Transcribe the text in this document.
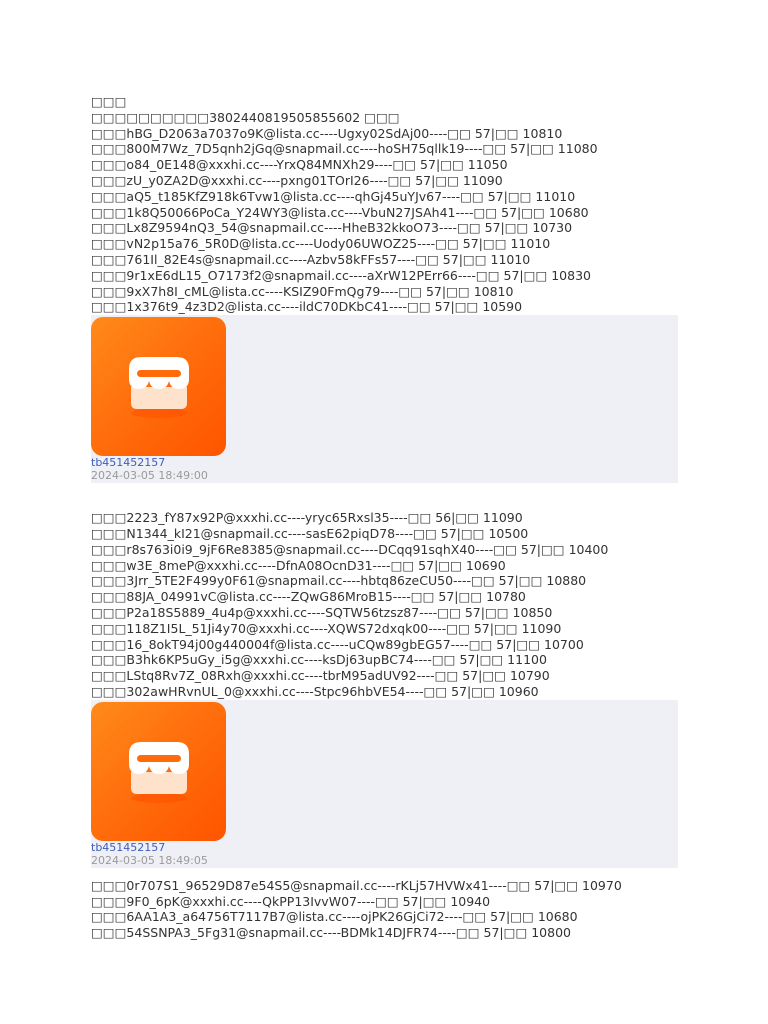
□□□
□□□□□□□□□□3802440819505855602 □□□
□□□hBG_D2063a7037o9K@lista.cc----Ugxy02SdAj00----□□ 57|□□ 10810
□□□800M7Wz_7D5qnh2jGq@snapmail.cc----hoSH75qllk19----□□ 57|□□ 11080
□□□o84_0E148@xxxhi.cc----YrxQ84MNXh29----□□ 57|□□ 11050
□□□zU_y0ZA2D@xxxhi.cc----pxng01TOrI26----□□ 57|□□ 11090
□□□aQ5_t185KfZ918k6Tvw1@lista.cc----qhGj45uYJv67----□□ 57|□□ 11010
□□□1k8Q50066PoCa_Y24WY3@lista.cc----VbuN27JSAh41----□□ 57|□□ 10680
□□□Lx8Z9594nQ3_54@snapmail.cc----HheB32kkoO73----□□ 57|□□ 10730
□□□vN2p15a76_5R0D@lista.cc----Uody06UWOZ25----□□ 57|□□ 11010
□□□761Il_82E4s@snapmail.cc----Azbv58kFFs57----□□ 57|□□ 11010
□□□9r1xE6dL15_O7173f2@snapmail.cc----aXrW12PErr66----□□ 57|□□ 10830
□□□9xX7h8I_cML@lista.cc----KSIZ90FmQg79----□□ 57|□□ 10810
□□□1x376t9_4z3D2@lista.cc----ildC70DKbC41----□□ 57|□□ 10590
tb451452157
2024-03-05 18:49:00
□□□2223_fY87x92P@xxxhi.cc----yryc65Rxsl35----□□ 56|□□ 11090
□□□N1344_kI21@snapmail.cc----sasE62piqD78----□□ 57|□□ 10500
□□□r8s763i0i9_9jF6Re8385@snapmail.cc----DCqq91sqhX40----□□ 57|□□ 10400
□□□w3E_8meP@xxxhi.cc----DfnA08OcnD31----□□ 57|□□ 10690
□□□3Jrr_5TE2F499y0F61@snapmail.cc----hbtq86zeCU50----□□ 57|□□ 10880
□□□88JA_04991vC@lista.cc----ZQwG86MroB15----□□ 57|□□ 10780
□□□P2a18S5889_4u4p@xxxhi.cc----SQTW56tzsz87----□□ 57|□□ 10850
□□□118Z1I5L_51Ji4y70@xxxhi.cc----XQWS72dxqk00----□□ 57|□□ 11090
□□□16_8okT94j00g440004f@lista.cc----uCQw89gbEG57----□□ 57|□□ 10700
□□□B3hk6KP5uGy_i5g@xxxhi.cc----ksDj63upBC74----□□ 57|□□ 11100
□□□LStq8Rv7Z_08Rxh@xxxhi.cc----tbrM95adUV92----□□ 57|□□ 10790
□□□302awHRvnUL_0@xxxhi.cc----Stpc96hbVE54----□□ 57|□□ 10960
tb451452157
2024-03-05 18:49:05
□□□0r707S1_96529D87e54S5@snapmail.cc----rKLj57HVWx41----□□ 57|□□ 10970
□□□9F0_6pK@xxxhi.cc----QkPP13IvvW07----□□ 57|□□ 10940
□□□6AA1A3_a64756T7117B7@lista.cc----ojPK26GjCi72----□□ 57|□□ 10680
□□□54SSNPA3_5Fg31@snapmail.cc----BDMk14DJFR74----□□ 57|□□ 10800
